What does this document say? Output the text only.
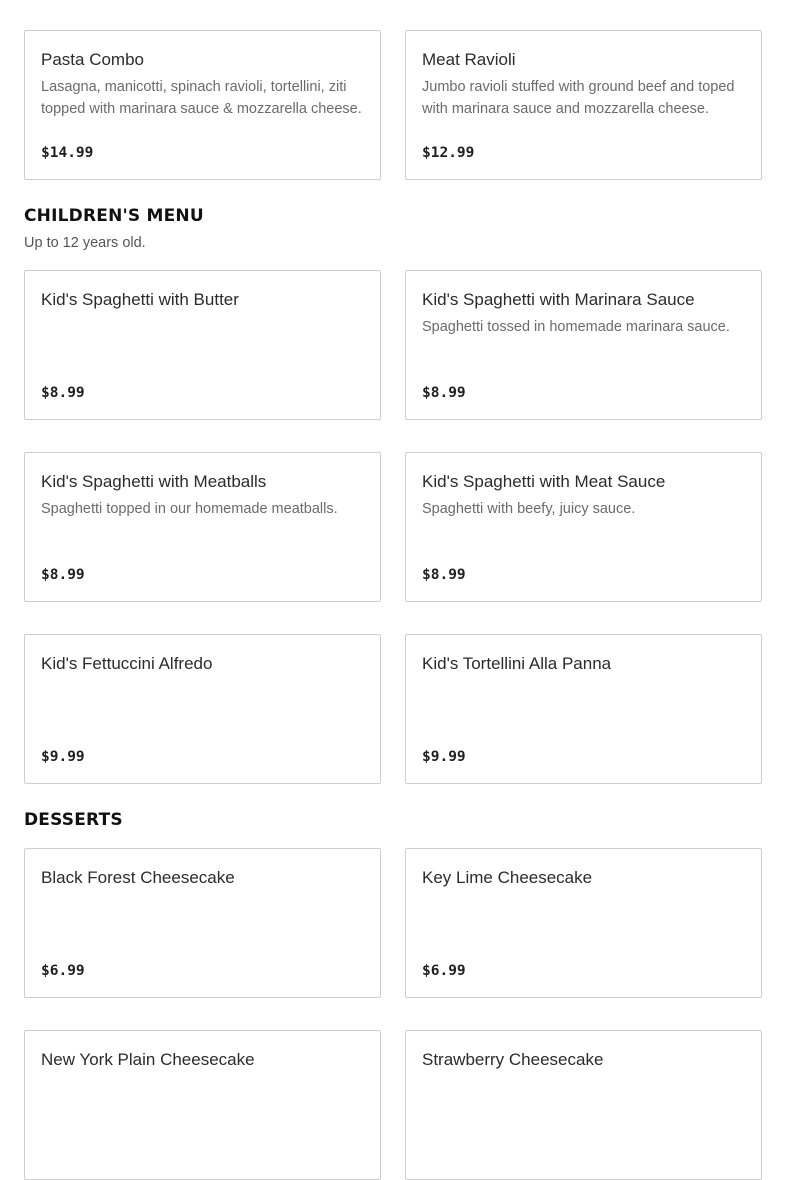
Pasta Combo
Lasagna, manicotti, spinach ravioli, tortellini, ziti topped with marinara sauce & mozzarella cheese.
$14.99
Meat Ravioli
Jumbo ravioli stuffed with ground beef and toped with marinara sauce and mozzarella cheese.
$12.99
CHILDREN'S MENU

Up to 12 years old.

Kid's Spaghetti with Butter
$8.99
Kid's Spaghetti with Marinara Sauce
Spaghetti tossed in homemade marinara sauce.
$8.99
Kid's Spaghetti with Meatballs
Spaghetti topped in our homemade meatballs.
$8.99
Kid's Spaghetti with Meat Sauce
Spaghetti with beefy, juicy sauce.
$8.99
Kid's Fettuccini Alfredo
$9.99
Kid's Tortellini Alla Panna
$9.99
DESSERTS
Black Forest Cheesecake
$6.99
Key Lime Cheesecake
$6.99
New York Plain Cheesecake	Strawberry Cheesecake
